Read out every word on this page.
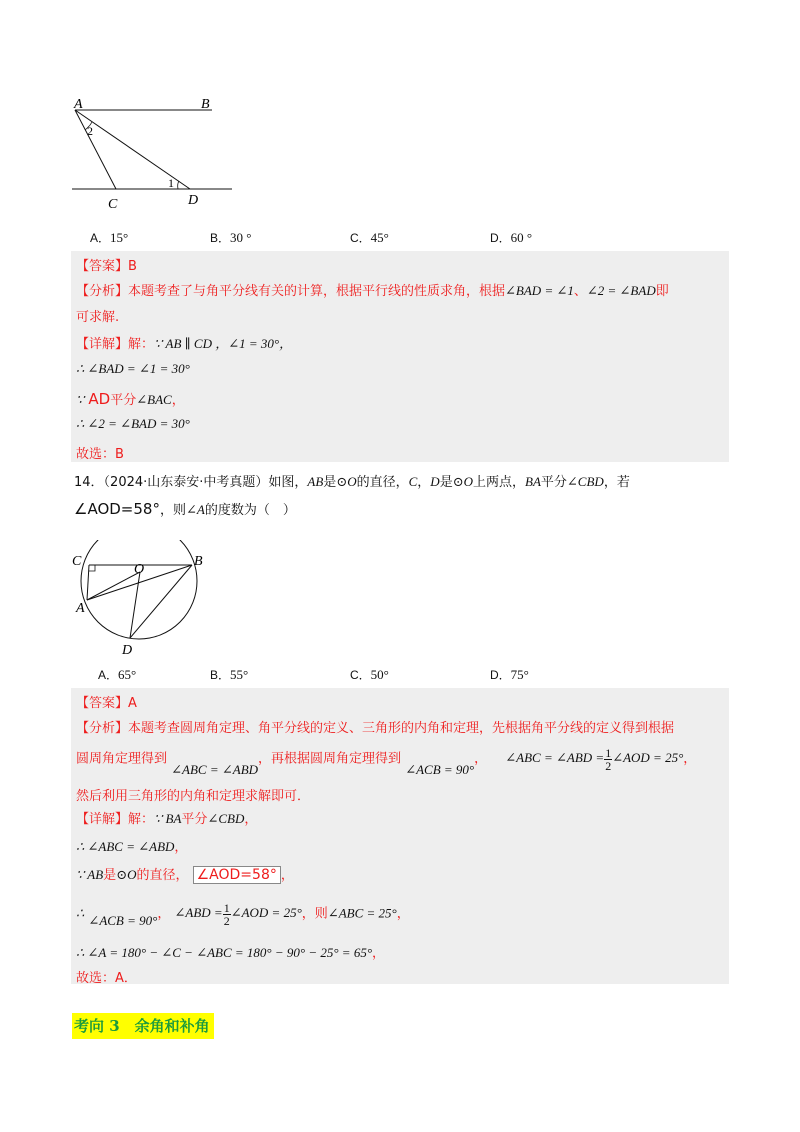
A	B
C	D
1
2
A．15°	B．30 °	C．45°	D．60 °
【答案】B
【分析】本题考查了与角平分线有关的计算，根据平行线的性质求角，根据∠BAD = ∠1、∠2 = ∠BAD即
可求解.
【详解】解：∵ AB ∥ CD ，∠1 = 30°，
∴ ∠BAD = ∠1 = 30°
∵ AD平分∠BAC，
∴ ∠2 = ∠BAD = 30°
故选：B
14．（2024·山东泰安·中考真题）如图，AB是⊙O的直径，C，D是⊙O上两点，BA平分∠CBD，若
∠AOD=58°，则∠A的度数为（　）
C
O
B
A
D
A．65°	B．55°	C．50°	D．75°
【答案】A
【分析】本题考查圆周角定理、角平分线的定义、三角形的内角和定理，先根据角平分线的定义得到根据
圆周角定理得到 ∠ABC = ∠ABD，再根据圆周角定理得到 ∠ACB = 90°， ∠ABC = ∠ABD = $\frac{1}{2}$ ∠AOD = 25°，
然后利用三角形的内角和定理求解即可．
【详解】解：∵ BA平分∠CBD，
∴ ∠ABC = ∠ABD，
∵ AB是⊙O的直径， ∠AOD=58° ，
∴ ∠ACB = 90°， ∠ABD = $\frac{1}{2}$ ∠AOD = 25°，则∠ABC = 25°，
∴ ∠A = 180° − ∠C − ∠ABC = 180° − 90° − 25° = 65°，
故选：A．
考向 3　余角和补角
